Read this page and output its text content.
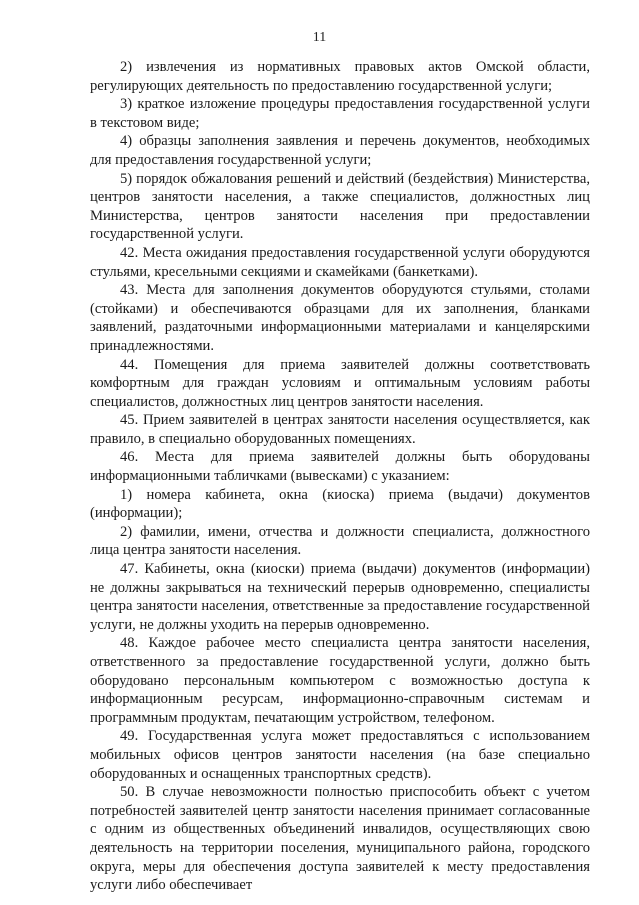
11

2) извлечения из нормативных правовых актов Омской области, регулирующих деятельность по предоставлению государственной услуги;

3) краткое изложение процедуры предоставления государственной услуги в текстовом виде;

4) образцы заполнения заявления и перечень документов, необходимых для предоставления государственной услуги;

5) порядок обжалования решений и действий (бездействия) Министерства, центров занятости населения, а также специалистов, должностных лиц Министерства, центров занятости населения при предоставлении государственной услуги.

42. Места ожидания предоставления государственной услуги оборудуются стульями, кресельными секциями и скамейками (банкетками).

43. Места для заполнения документов оборудуются стульями, столами (стойками) и обеспечиваются образцами для их заполнения, бланками заявлений, раздаточными информационными материалами и канцелярскими принадлежностями.

44. Помещения для приема заявителей должны соответствовать комфортным для граждан условиям и оптимальным условиям работы специалистов, должностных лиц центров занятости населения.

45. Прием заявителей в центрах занятости населения осуществляется, как правило, в специально оборудованных помещениях.

46. Места для приема заявителей должны быть оборудованы информационными табличками (вывесками) с указанием:

1) номера кабинета, окна (киоска) приема (выдачи) документов (информации);

2) фамилии, имени, отчества и должности специалиста, должностного лица центра занятости населения.

47. Кабинеты, окна (киоски) приема (выдачи) документов (информации) не должны закрываться на технический перерыв одновременно, специалисты центра занятости населения, ответственные за предоставление государственной услуги, не должны уходить на перерыв одновременно.

48. Каждое рабочее место специалиста центра занятости населения, ответственного за предоставление государственной услуги, должно быть оборудовано персональным компьютером с возможностью доступа к информационным ресурсам, информационно-справочным системам и программным продуктам, печатающим устройством, телефоном.

49. Государственная услуга может предоставляться с использованием мобильных офисов центров занятости населения (на базе специально оборудованных и оснащенных транспортных средств).

50. В случае невозможности полностью приспособить объект с учетом потребностей заявителей центр занятости населения принимает согласованные с одним из общественных объединений инвалидов, осуществляющих свою деятельность на территории поселения, муниципального района, городского округа, меры для обеспечения доступа заявителей к месту предоставления услуги либо обеспечивает
